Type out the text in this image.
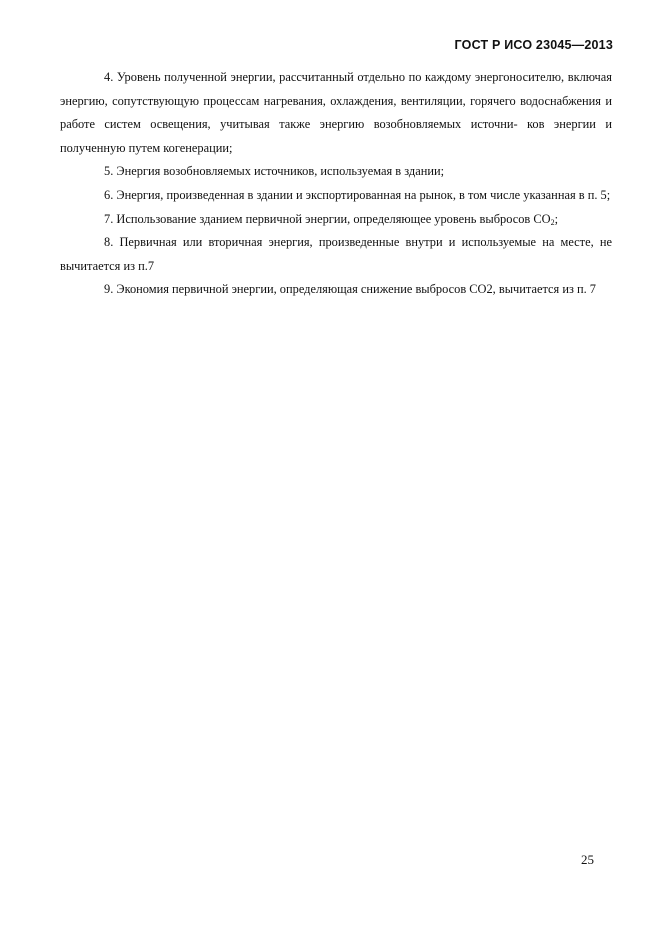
ГОСТ Р ИСО 23045—2013

4. Уровень полученной энергии, рассчитанный отдельно по каждому энергоносителю, включая энергию, сопутствующую процессам нагревания, охлаждения, вентиляции, горячего водоснабжения и работе систем освещения, учитывая также энергию возобновляемых источни- ков энергии и полученную путем когенерации;

5. Энергия возобновляемых источников, используемая в здании;

6. Энергия, произведенная в здании и экспортированная на рынок, в том числе указанная в п. 5;

7. Использование зданием первичной энергии, определяющее уровень выбросов $CO_2$;

8. Первичная или вторичная энергия, произведенные внутри и используемые на месте, не вычитается из п.7

9. Экономия первичной энергии, определяющая снижение выбросов CO2, вычитается из п. 7

25
